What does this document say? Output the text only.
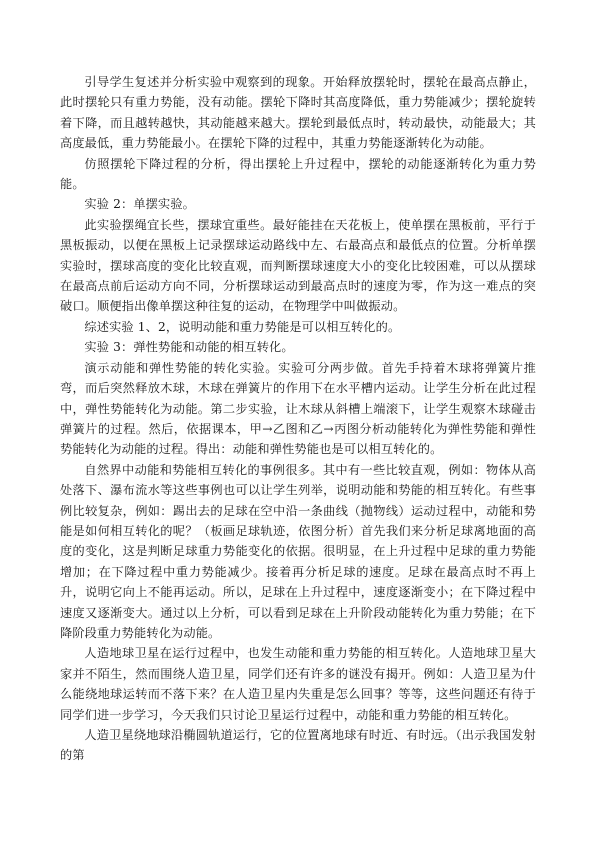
引导学生复述并分析实验中观察到的现象。开始释放摆轮时，摆轮在最高点静止，此时摆轮只有重力势能，没有动能。摆轮下降时其高度降低，重力势能减少；摆轮旋转着下降，而且越转越快，其动能越来越大。摆轮到最低点时，转动最快，动能最大；其高度最低，重力势能最小。在摆轮下降的过程中，其重力势能逐渐转化为动能。

仿照摆轮下降过程的分析，得出摆轮上升过程中，摆轮的动能逐渐转化为重力势能。

实验 2：单摆实验。

此实验摆绳宜长些，摆球宜重些。最好能挂在天花板上，使单摆在黑板前，平行于黑板振动，以便在黑板上记录摆球运动路线中左、右最高点和最低点的位置。分析单摆实验时，摆球高度的变化比较直观，而判断摆球速度大小的变化比较困难，可以从摆球在最高点前后运动方向不同，分析摆球运动到最高点时的速度为零，作为这一难点的突破口。顺便指出像单摆这种往复的运动，在物理学中叫做振动。

综述实验 1、2，说明动能和重力势能是可以相互转化的。

实验 3：弹性势能和动能的相互转化。

演示动能和弹性势能的转化实验。实验可分两步做。首先手持着木球将弹簧片推弯，而后突然释放木球，木球在弹簧片的作用下在水平槽内运动。让学生分析在此过程中，弹性势能转化为动能。第二步实验，让木球从斜槽上端滚下，让学生观察木球碰击弹簧片的过程。然后，依据课本，甲→乙图和乙→丙图分析动能转化为弹性势能和弹性势能转化为动能的过程。得出：动能和弹性势能也是可以相互转化的。

自然界中动能和势能相互转化的事例很多。其中有一些比较直观，例如：物体从高处落下、瀑布流水等这些事例也可以让学生列举，说明动能和势能的相互转化。有些事例比较复杂，例如：踢出去的足球在空中沿一条曲线（抛物线）运动过程中，动能和势能是如何相互转化的呢？（板画足球轨迹，依图分析）首先我们来分析足球离地面的高度的变化，这是判断足球重力势能变化的依据。很明显，在上升过程中足球的重力势能增加；在下降过程中重力势能减少。接着再分析足球的速度。足球在最高点时不再上升，说明它向上不能再运动。所以，足球在上升过程中，速度逐渐变小；在下降过程中速度又逐渐变大。通过以上分析，可以看到足球在上升阶段动能转化为重力势能；在下降阶段重力势能转化为动能。

人造地球卫星在运行过程中，也发生动能和重力势能的相互转化。人造地球卫星大家并不陌生，然而围绕人造卫星，同学们还有许多的谜没有揭开。例如：人造卫星为什么能绕地球运转而不落下来？在人造卫星内失重是怎么回事？等等，这些问题还有待于同学们进一步学习，今天我们只讨论卫星运行过程中，动能和重力势能的相互转化。

人造卫星绕地球沿椭圆轨道运行，它的位置离地球有时近、有时远。（出示我国发射的第
